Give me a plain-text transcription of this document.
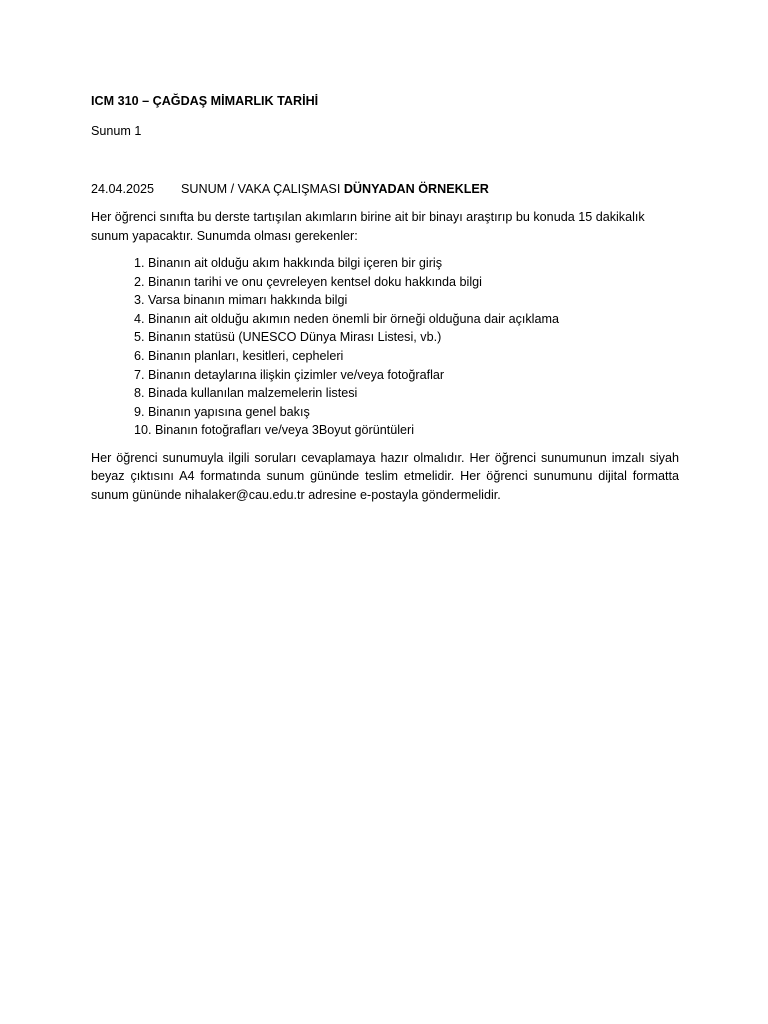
ICM 310 – ÇAĞDAŞ MİMARLIK TARİHİ

Sunum 1

24.04.2025 SUNUM / VAKA ÇALIŞMASI DÜNYADAN ÖRNEKLER

Her öğrenci sınıfta bu derste tartışılan akımların birine ait bir binayı araştırıp bu konuda 15 dakikalık sunum yapacaktır. Sunumda olması gerekenler:

1. Binanın ait olduğu akım hakkında bilgi içeren bir giriş
2. Binanın tarihi ve onu çevreleyen kentsel doku hakkında bilgi
3. Varsa binanın mimarı hakkında bilgi
4. Binanın ait olduğu akımın neden önemli bir örneği olduğuna dair açıklama
5. Binanın statüsü (UNESCO Dünya Mirası Listesi, vb.)
6. Binanın planları, kesitleri, cepheleri
7. Binanın detaylarına ilişkin çizimler ve/veya fotoğraflar
8. Binada kullanılan malzemelerin listesi
9. Binanın yapısına genel bakış
10. Binanın fotoğrafları ve/veya 3Boyut görüntüleri

Her öğrenci sunumuyla ilgili soruları cevaplamaya hazır olmalıdır. Her öğrenci sunumunun imzalı siyah beyaz çıktısını A4 formatında sunum gününde teslim etmelidir. Her öğrenci sunumunu dijital formatta sunum gününde nihalaker@cau.edu.tr adresine e-postayla göndermelidir.
